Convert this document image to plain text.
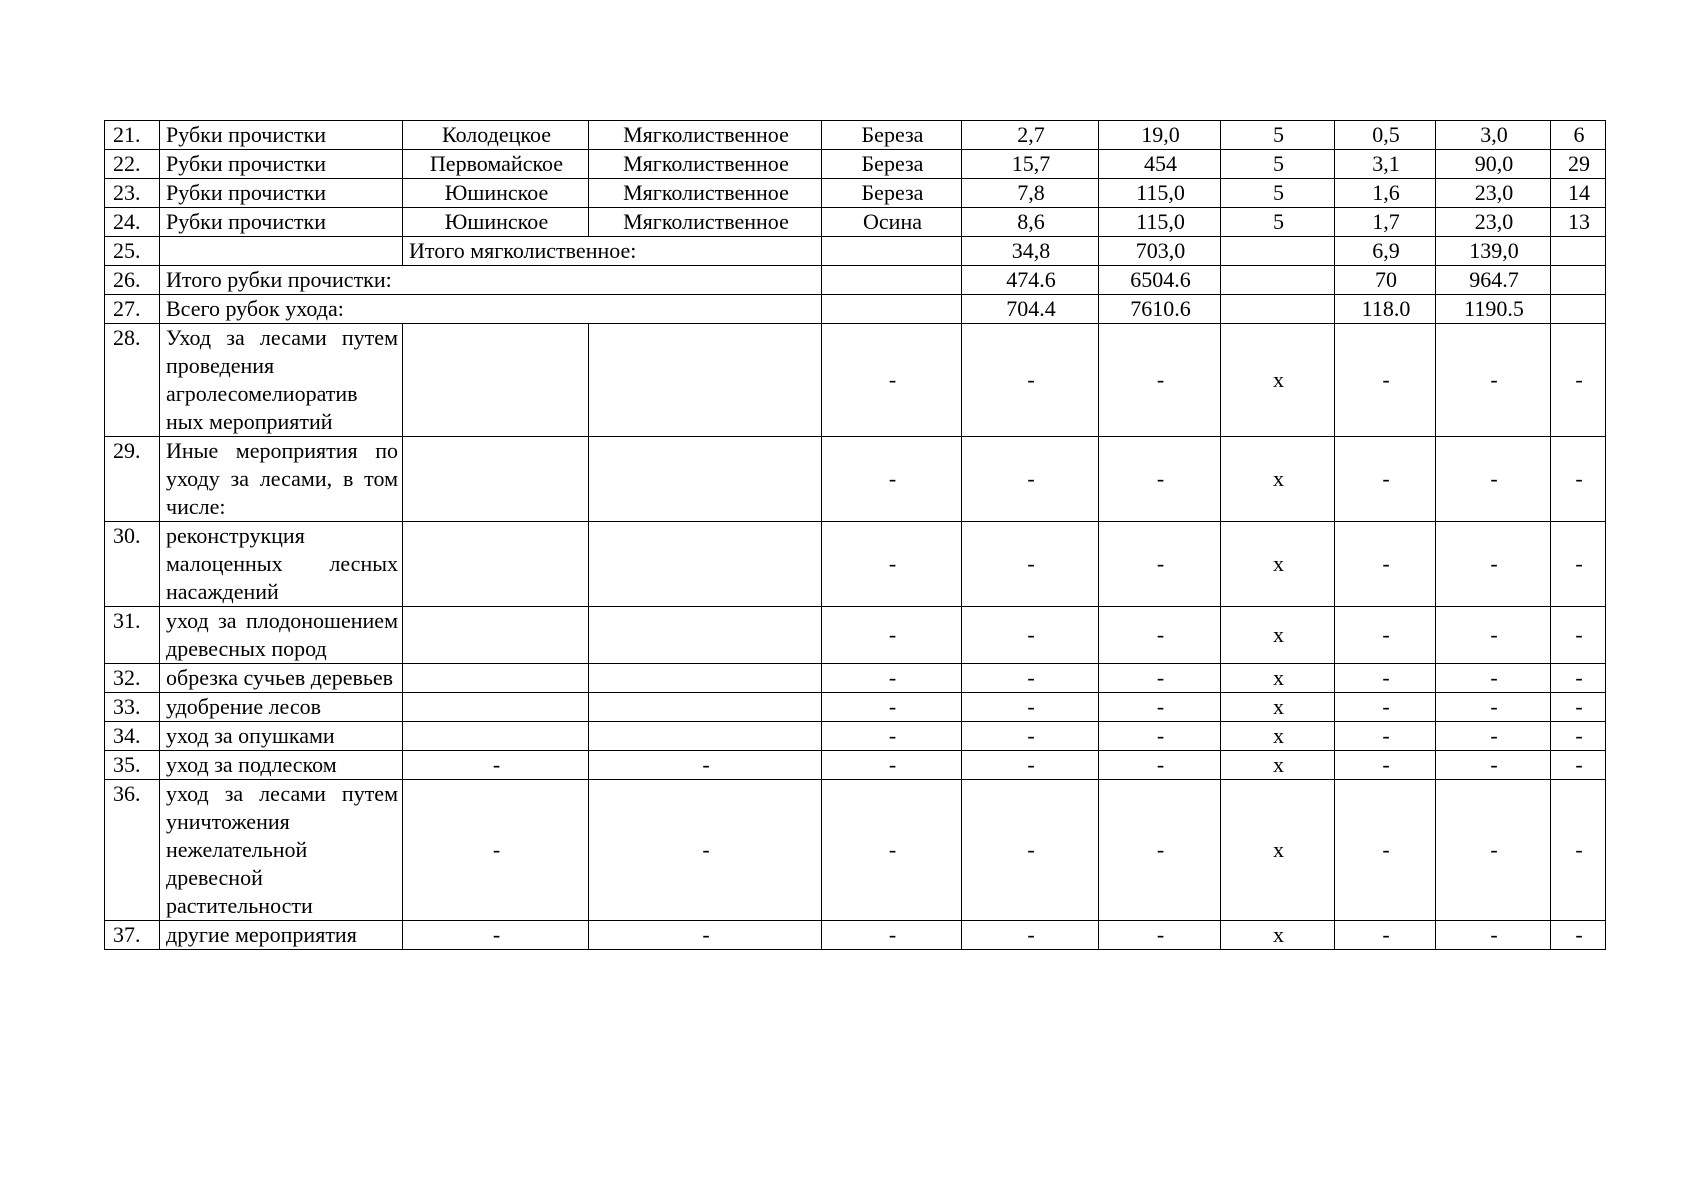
21.	Рубки прочистки	Колодецкое	Мягколиственное	Береза	2,7	19,0	5	0,5	3,0	6
22.	Рубки прочистки	Первомайское	Мягколиственное	Береза	15,7	454	5	3,1	90,0	29
23.	Рубки прочистки	Юшинское	Мягколиственное	Береза	7,8	115,0	5	1,6	23,0	14
24.	Рубки прочистки	Юшинское	Мягколиственное	Осина	8,6	115,0	5	1,7	23,0	13
25.		Итого мягколиственное:			34,8	703,0		6,9	139,0	
26.	Итого рубки прочистки:				474.6	6504.6		70	964.7	
27.	Всего рубок ухода:				704.4	7610.6		118.0	1190.5	
28.	Уход за лесами путем проведения агролесомелиоратив ных мероприятий			-	-	-	х	-	-	-
29.	Иные мероприятия по уходу за лесами, в том числе:			-	-	-	х	-	-	-
30.	реконструкция малоценных лесных насаждений			-	-	-	х	-	-	-
31.	уход за плодоношением древесных пород			-	-	-	х	-	-	-
32.	обрезка сучьев деревьев			-	-	-	х	-	-	-
33.	удобрение лесов			-	-	-	х	-	-	-
34.	уход за опушками			-	-	-	х	-	-	-
35.	уход за подлеском	-	-	-	-	-	х	-	-	-
36.	уход за лесами путем уничтожения нежелательной древесной растительности	-	-	-	-	-	х	-	-	-
37.	другие мероприятия	-	-	-	-	-	х	-	-	-
